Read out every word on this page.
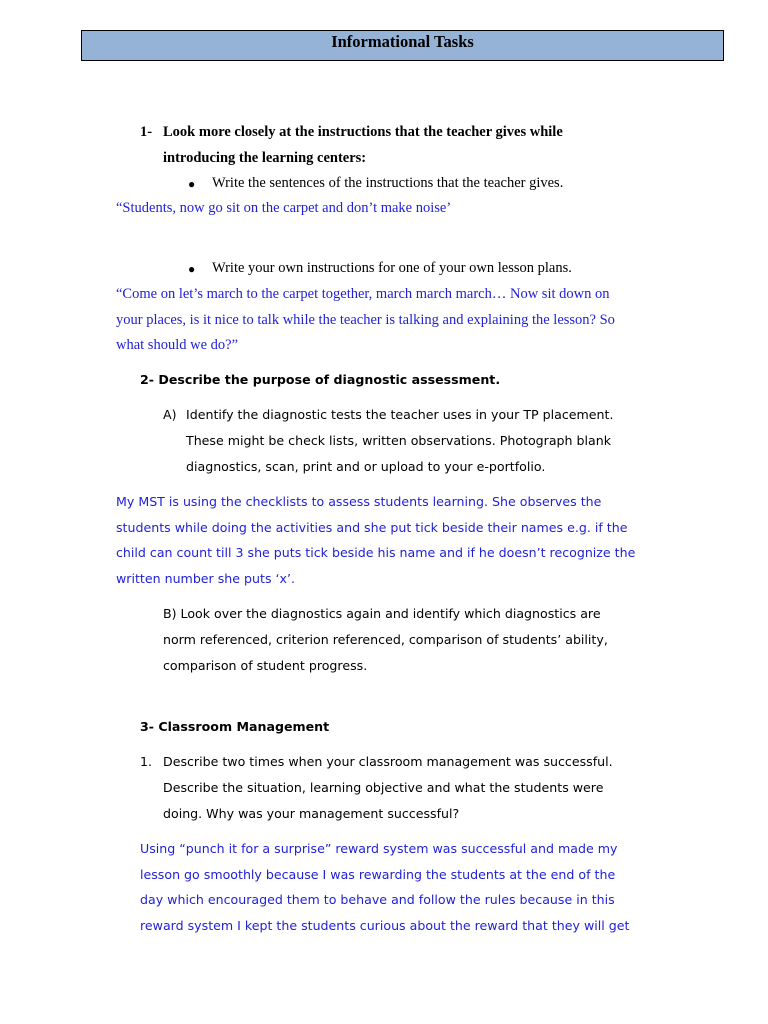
Informational Tasks
1- Look more closely at the instructions that the teacher gives while
introducing the learning centers:
● Write the sentences of the instructions that the teacher gives.
“Students, now go sit on the carpet and don’t make noise’
● Write your own instructions for one of your own lesson plans.
“Come on let’s march to the carpet together, march march march… Now sit down on
your places, is it nice to talk while the teacher is talking and explaining the lesson? So
what should we do?”
2- Describe the purpose of diagnostic assessment.
A) Identify the diagnostic tests the teacher uses in your TP placement.
These might be check lists, written observations. Photograph blank
diagnostics, scan, print and or upload to your e-portfolio.
My MST is using the checklists to assess students learning. She observes the
students while doing the activities and she put tick beside their names e.g. if the
child can count till 3 she puts tick beside his name and if he doesn’t recognize the
written number she puts ‘x’.
B) Look over the diagnostics again and identify which diagnostics are
norm referenced, criterion referenced, comparison of students’ ability,
comparison of student progress.
3- Classroom Management
1. Describe two times when your classroom management was successful.
Describe the situation, learning objective and what the students were
doing. Why was your management successful?
Using “punch it for a surprise” reward system was successful and made my
lesson go smoothly because I was rewarding the students at the end of the
day which encouraged them to behave and follow the rules because in this
reward system I kept the students curious about the reward that they will get
